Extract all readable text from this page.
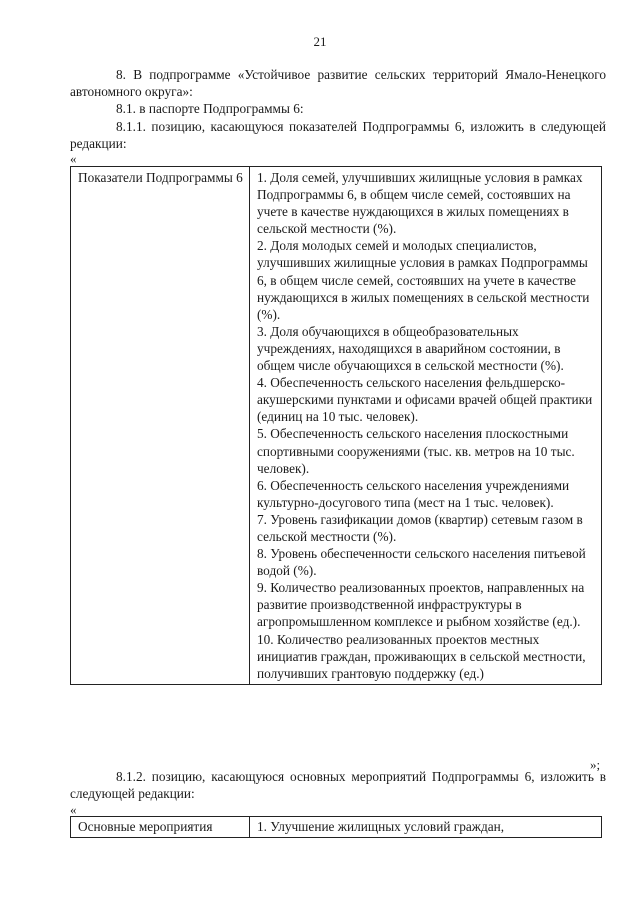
21
8. В подпрограмме «Устойчивое развитие сельских территорий Ямало-Ненецкого автономного округа»:
8.1. в паспорте Подпрограммы 6:
8.1.1. позицию, касающуюся показателей Подпрограммы 6, изложить в следующей редакции:
«
Показатели Подпрограммы 6	1. Доля семей, улучшивших жилищные условия в рамках Подпрограммы 6, в общем числе семей, состоявших на учете в качестве нуждающихся в жилых помещениях в сельской местности (%).
2. Доля молодых семей и молодых специалистов, улучшивших жилищные условия в рамках Подпрограммы 6, в общем числе семей, состоявших на учете в качестве нуждающихся в жилых помещениях в сельской местности (%).
3. Доля обучающихся в общеобразовательных учреждениях, находящихся в аварийном состоянии, в общем числе обучающихся в сельской местности (%).
4. Обеспеченность сельского населения фельдшерско-акушерскими пунктами и офисами врачей общей практики (единиц на 10 тыс. человек).
5. Обеспеченность сельского населения плоскостными спортивными сооружениями (тыс. кв. метров на 10 тыс. человек).
6. Обеспеченность сельского населения учреждениями культурно-досугового типа (мест на 1 тыс. человек).
7. Уровень газификации домов (квартир) сетевым газом в сельской местности (%).
8. Уровень обеспеченности сельского населения питьевой водой (%).
9. Количество реализованных проектов, направленных на развитие производственной инфраструктуры в агропромышленном комплексе и рыбном хозяйстве (ед.).
10. Количество реализованных проектов местных инициатив граждан, проживающих в сельской местности, получивших грантовую поддержку (ед.)
»;
8.1.2. позицию, касающуюся основных мероприятий Подпрограммы 6, изложить в следующей редакции:
«
Основные мероприятия	1. Улучшение жилищных условий граждан,
